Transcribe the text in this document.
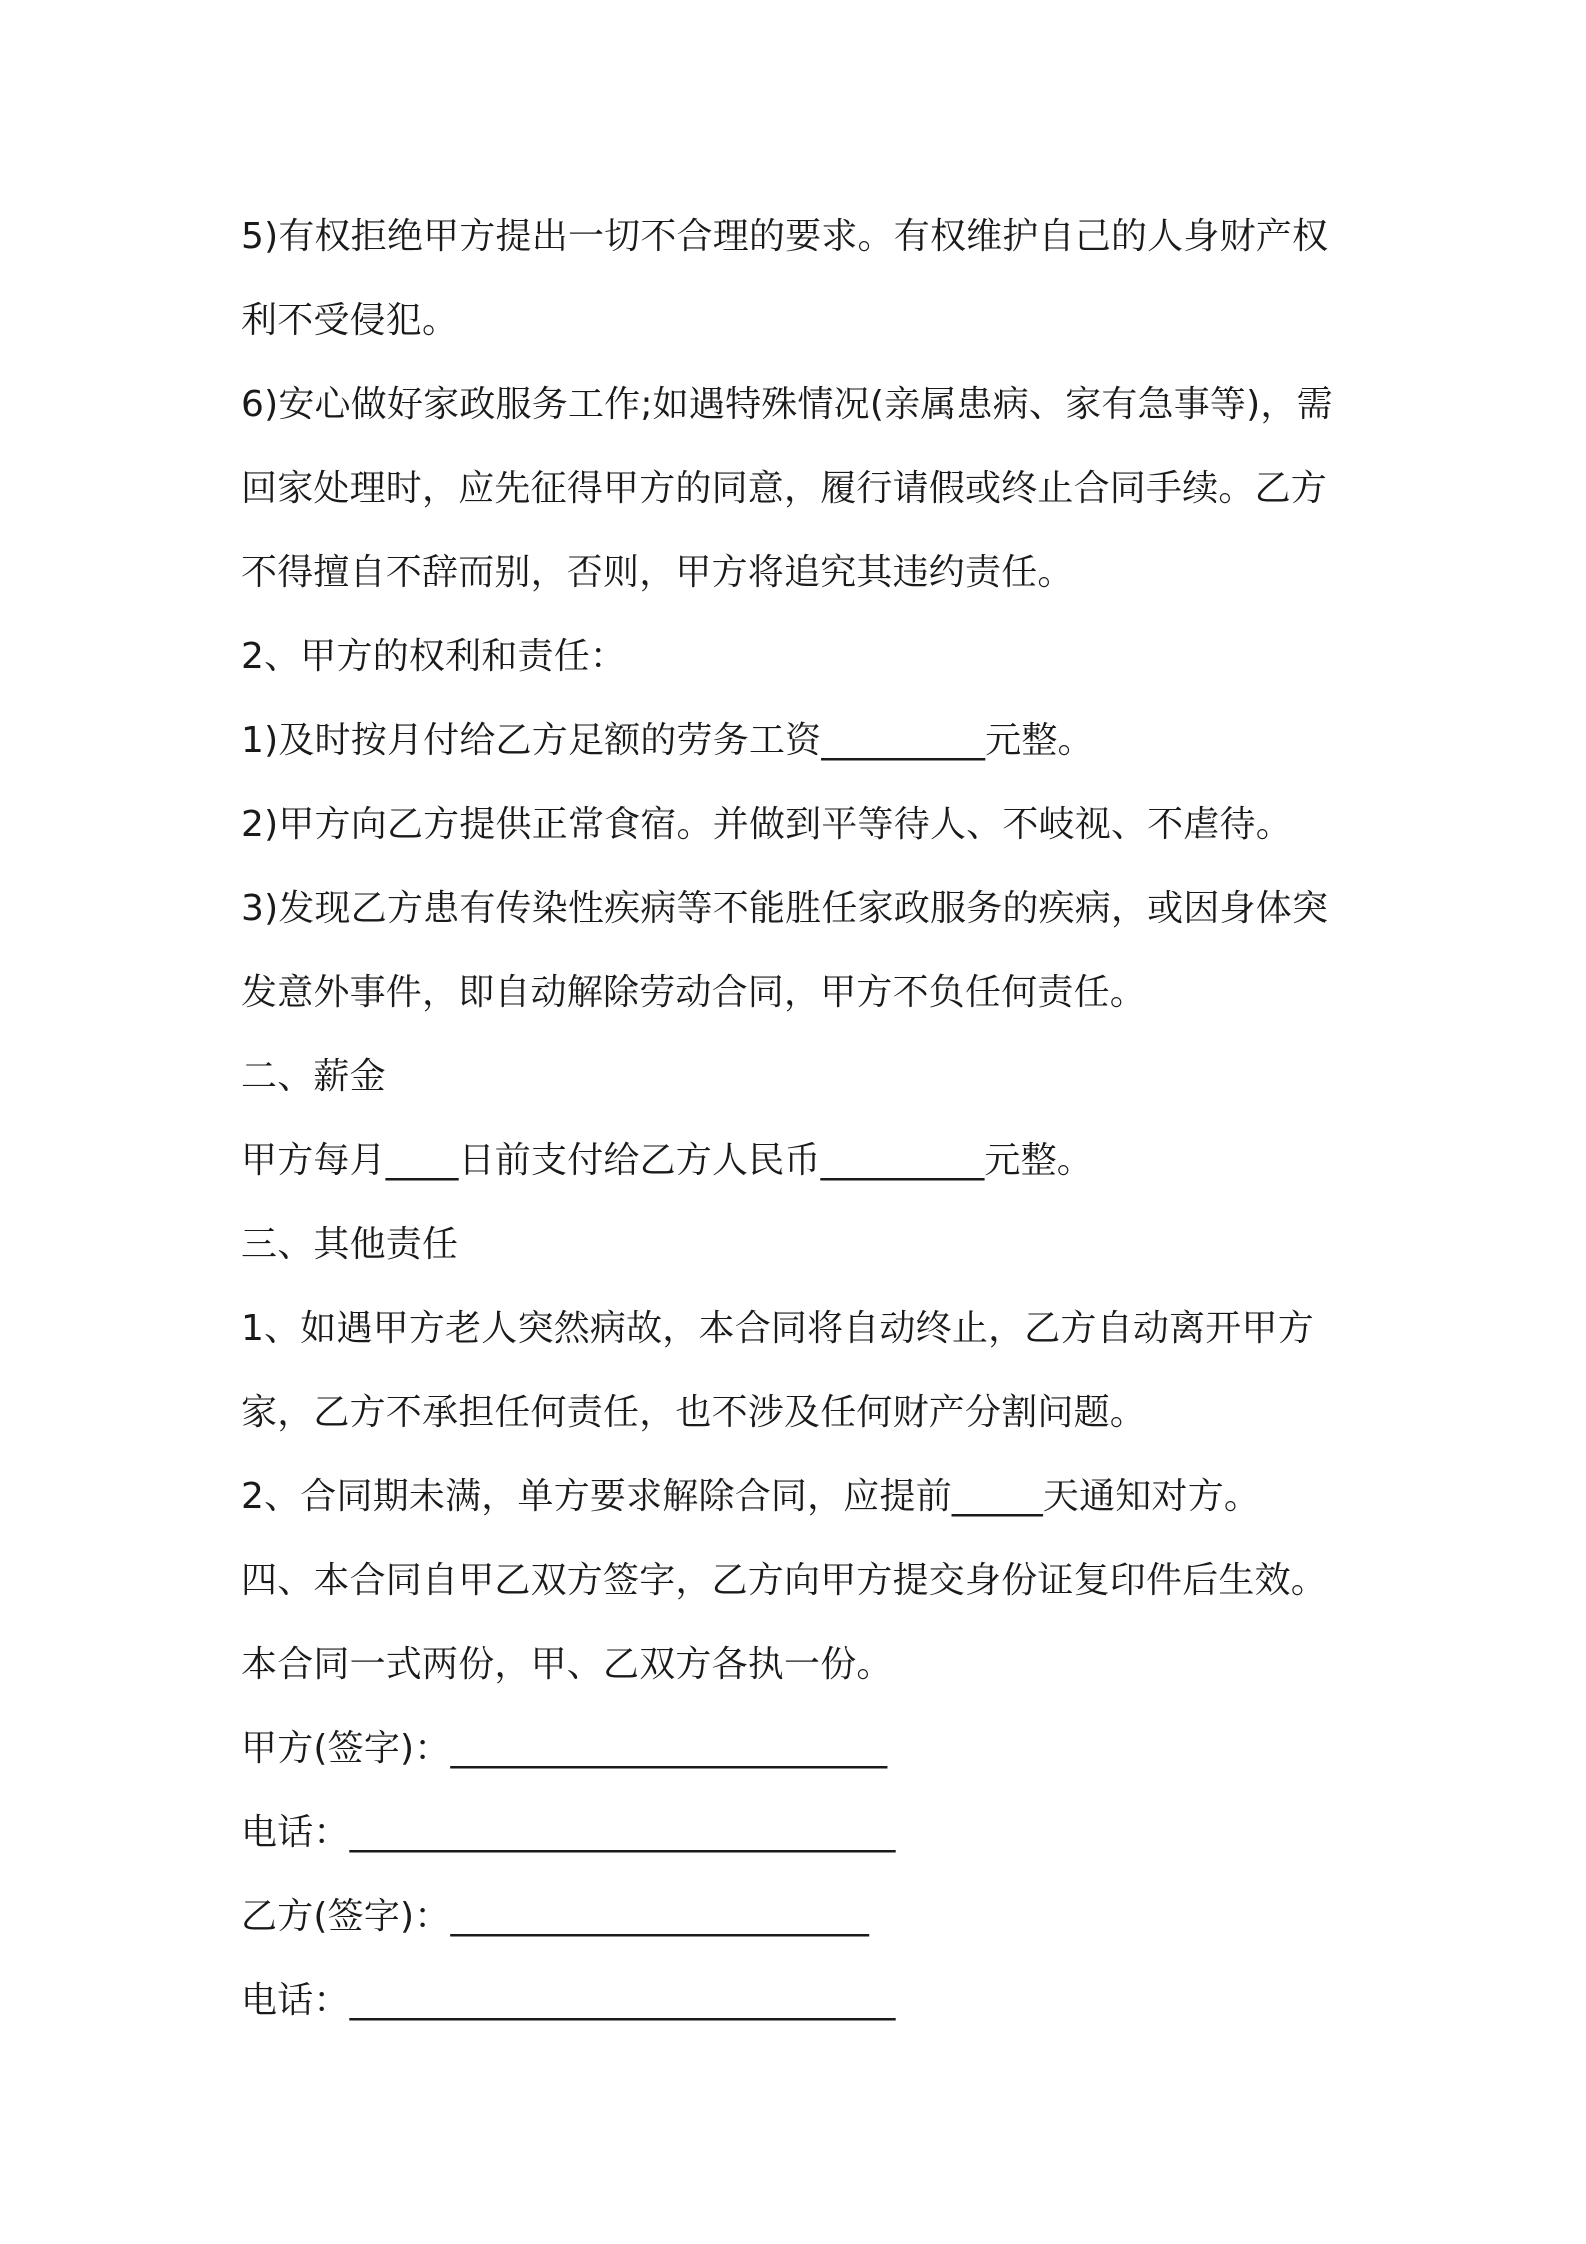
5)有权拒绝甲方提出一切不合理的要求。有权维护自己的人身财产权
利不受侵犯。
6)安心做好家政服务工作;如遇特殊情况(亲属患病、家有急事等)，需
回家处理时，应先征得甲方的同意，履行请假或终止合同手续。乙方
不得擅自不辞而别，否则，甲方将追究其违约责任。
2、甲方的权利和责任：
1)及时按月付给乙方足额的劳务工资_________元整。
2)甲方向乙方提供正常食宿。并做到平等待人、不岐视、不虐待。
3)发现乙方患有传染性疾病等不能胜任家政服务的疾病，或因身体突
发意外事件，即自动解除劳动合同，甲方不负任何责任。
二、薪金
甲方每月____日前支付给乙方人民币_________元整。
三、其他责任
1、如遇甲方老人突然病故，本合同将自动终止，乙方自动离开甲方
家，乙方不承担任何责任，也不涉及任何财产分割问题。
2、合同期未满，单方要求解除合同，应提前_____天通知对方。
四、本合同自甲乙双方签字，乙方向甲方提交身份证复印件后生效。
本合同一式两份，甲、乙双方各执一份。
甲方(签字)：________________________
电话：______________________________
乙方(签字)：_______________________
电话：______________________________
